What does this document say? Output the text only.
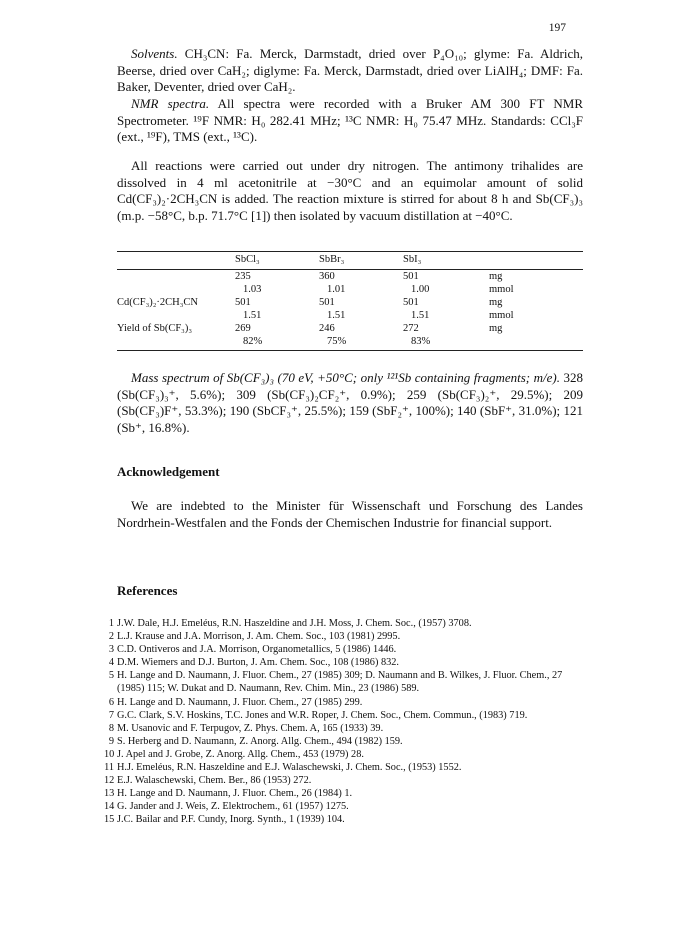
197

Solvents. CH₃CN: Fa. Merck, Darmstadt, dried over P₄O₁₀; glyme: Fa. Aldrich, Beerse, dried over CaH₂; diglyme: Fa. Merck, Darmstadt, dried over LiAlH₄; DMF: Fa. Baker, Deventer, dried over CaH₂.

NMR spectra. All spectra were recorded with a Bruker AM 300 FT NMR Spectrometer. ¹⁹F NMR: H₀ 282.41 MHz; ¹³C NMR: H₀ 75.47 MHz. Standards: CCl₃F (ext., ¹⁹F), TMS (ext., ¹³C).

All reactions were carried out under dry nitrogen. The antimony trihalides are dissolved in 4 ml acetonitrile at −30°C and an equimolar amount of solid Cd(CF₃)₂·2CH₃CN is added. The reaction mixture is stirred for about 8 h and Sb(CF₃)₃ (m.p. −58°C, b.p. 71.7°C [1]) then isolated by vacuum distillation at −40°C.

	SbCl₃	SbBr₃	SbI₃	
	235	360	501	mg
	1.03	1.01	1.00	mmol
Cd(CF₃)₂·2CH₃CN	501	501	501	mg
	1.51	1.51	1.51	mmol
Yield of Sb(CF₃)₃	269	246	272	mg
	82%	75%	83%	

Mass spectrum of Sb(CF₃)₃ (70 eV, +50°C; only ¹²¹Sb containing fragments; m/e). 328 (Sb(CF₃)₃⁺, 5.6%); 309 (Sb(CF₃)₂CF₂⁺, 0.9%); 259 (Sb(CF₃)₂⁺, 29.5%); 209 (Sb(CF₃)F⁺, 53.3%); 190 (SbCF₃⁺, 25.5%); 159 (SbF₂⁺, 100%); 140 (SbF⁺, 31.0%); 121 (Sb⁺, 16.8%).

Acknowledgement

We are indebted to the Minister für Wissenschaft und Forschung des Landes Nordrhein-Westfalen and the Fonds der Chemischen Industrie for financial support.

References
1 J.W. Dale, H.J. Emeléus, R.N. Haszeldine and J.H. Moss, J. Chem. Soc., (1957) 3708.
2 L.J. Krause and J.A. Morrison, J. Am. Chem. Soc., 103 (1981) 2995.
3 C.D. Ontiveros and J.A. Morrison, Organometallics, 5 (1986) 1446.
4 D.M. Wiemers and D.J. Burton, J. Am. Chem. Soc., 108 (1986) 832.
5 H. Lange and D. Naumann, J. Fluor. Chem., 27 (1985) 309; D. Naumann and B. Wilkes, J. Fluor. Chem., 27 (1985) 115; W. Dukat and D. Naumann, Rev. Chim. Min., 23 (1986) 589.
6 H. Lange and D. Naumann, J. Fluor. Chem., 27 (1985) 299.
7 G.C. Clark, S.V. Hoskins, T.C. Jones and W.R. Roper, J. Chem. Soc., Chem. Commun., (1983) 719.
8 M. Usanovic and F. Terpugov, Z. Phys. Chem. A, 165 (1933) 39.
9 S. Herberg and D. Naumann, Z. Anorg. Allg. Chem., 494 (1982) 159.
10 J. Apel and J. Grobe, Z. Anorg. Allg. Chem., 453 (1979) 28.
11 H.J. Emeléus, R.N. Haszeldine and E.J. Walaschewski, J. Chem. Soc., (1953) 1552.
12 E.J. Walaschewski, Chem. Ber., 86 (1953) 272.
13 H. Lange and D. Naumann, J. Fluor. Chem., 26 (1984) 1.
14 G. Jander and J. Weis, Z. Elektrochem., 61 (1957) 1275.
15 J.C. Bailar and P.F. Cundy, Inorg. Synth., 1 (1939) 104.
